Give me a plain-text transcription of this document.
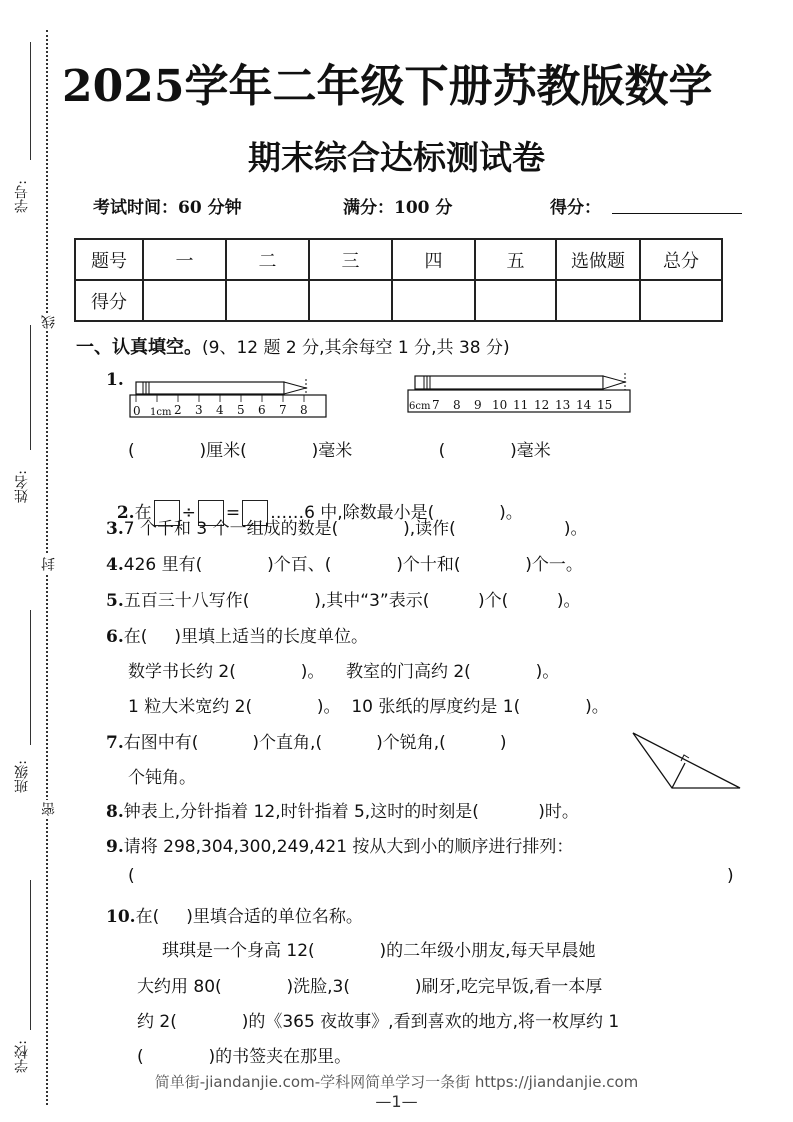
学号:
姓名:
班级:
学校:
线
封
密
2025学年二年级下册苏教版数学
期末综合达标测试卷
考试时间：60 分钟	满分：100 分	得分：
题号	一	二	三	四	五	选做题	总分
得分							
一、认真填空。(9、12 题 2 分,其余每空 1 分,共 38 分)
1.
0 1cm 2 3 4 5 6 7 8	6cm 7 8 9 10 11 12 13 14 15
(            )厘米(            )毫米                (            )毫米

2.在 ÷ = ……6 中,除数最小是(            )。

3.7 个千和 3 个一组成的数是(            ),读作(                    )。
4.426 里有(            )个百、(            )个十和(            )个一。
5.五百三十八写作(            ),其中“3”表示(         )个(         )。
6.在(     )里填上适当的长度单位。
数学书长约 2(            )。    教室的门高约 2(            )。
1 粒大米宽约 2(            )。  10 张纸的厚度约是 1(            )。
7.右图中有(          )个直角,(          )个锐角,(          )
个钝角。
8.钟表上,分针指着 12,时针指着 5,这时的时刻是(           )时。
9.请将 298,304,300,249,421 按从大到小的顺序进行排列：
(	)
10.在(     )里填合适的单位名称。
琪琪是一个身高 12(            )的二年级小朋友,每天早晨她
大约用 80(            )洗脸,3(            )刷牙,吃完早饭,看一本厚
约 2(            )的《365 夜故事》,看到喜欢的地方,将一枚厚约 1
(            )的书签夹在那里。
简单街-jiandanjie.com-学科网简单学习一条街 https://jiandanjie.com
—1—
